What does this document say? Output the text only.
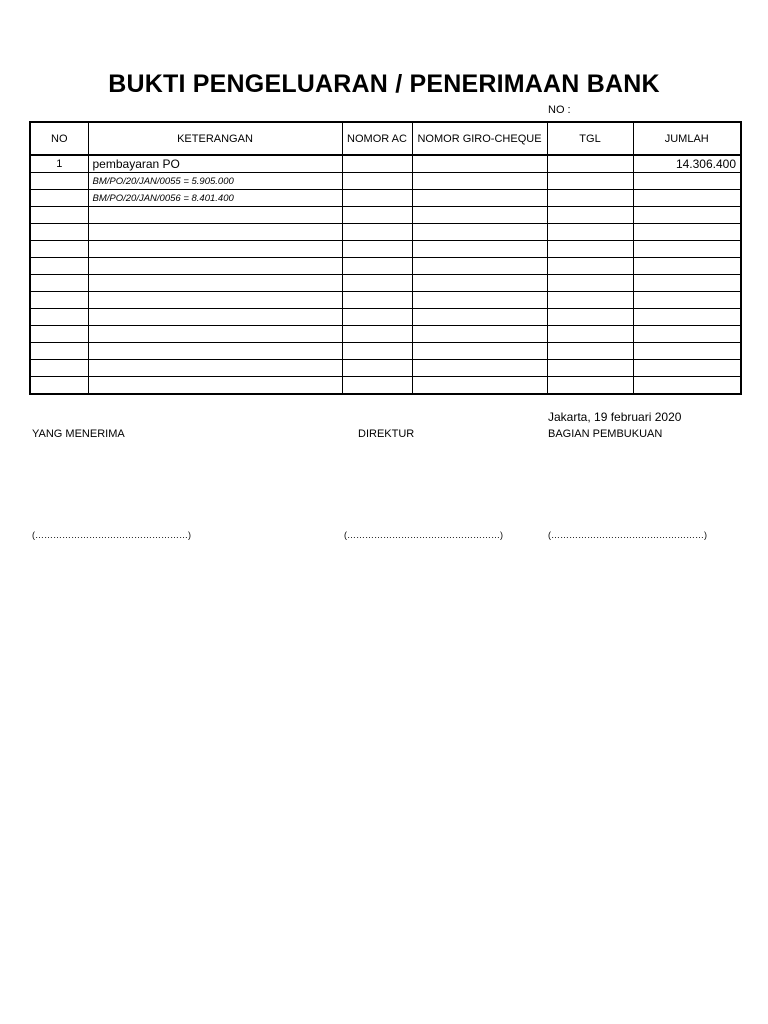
BUKTI PENGELUARAN / PENERIMAAN BANK
NO :
NO	KETERANGAN	NOMOR AC	NOMOR GIRO-CHEQUE	TGL	JUMLAH
1	pembayaran PO				14.306.400
	BM/PO/20/JAN/0055 = 5.905.000				
	BM/PO/20/JAN/0056 = 8.401.400				

Jakarta, 19 februari 2020
YANG MENERIMA	DIREKTUR	BAGIAN PEMBUKUAN
(……………………………………………)	(……………………………………………)	(……………………………………………)
